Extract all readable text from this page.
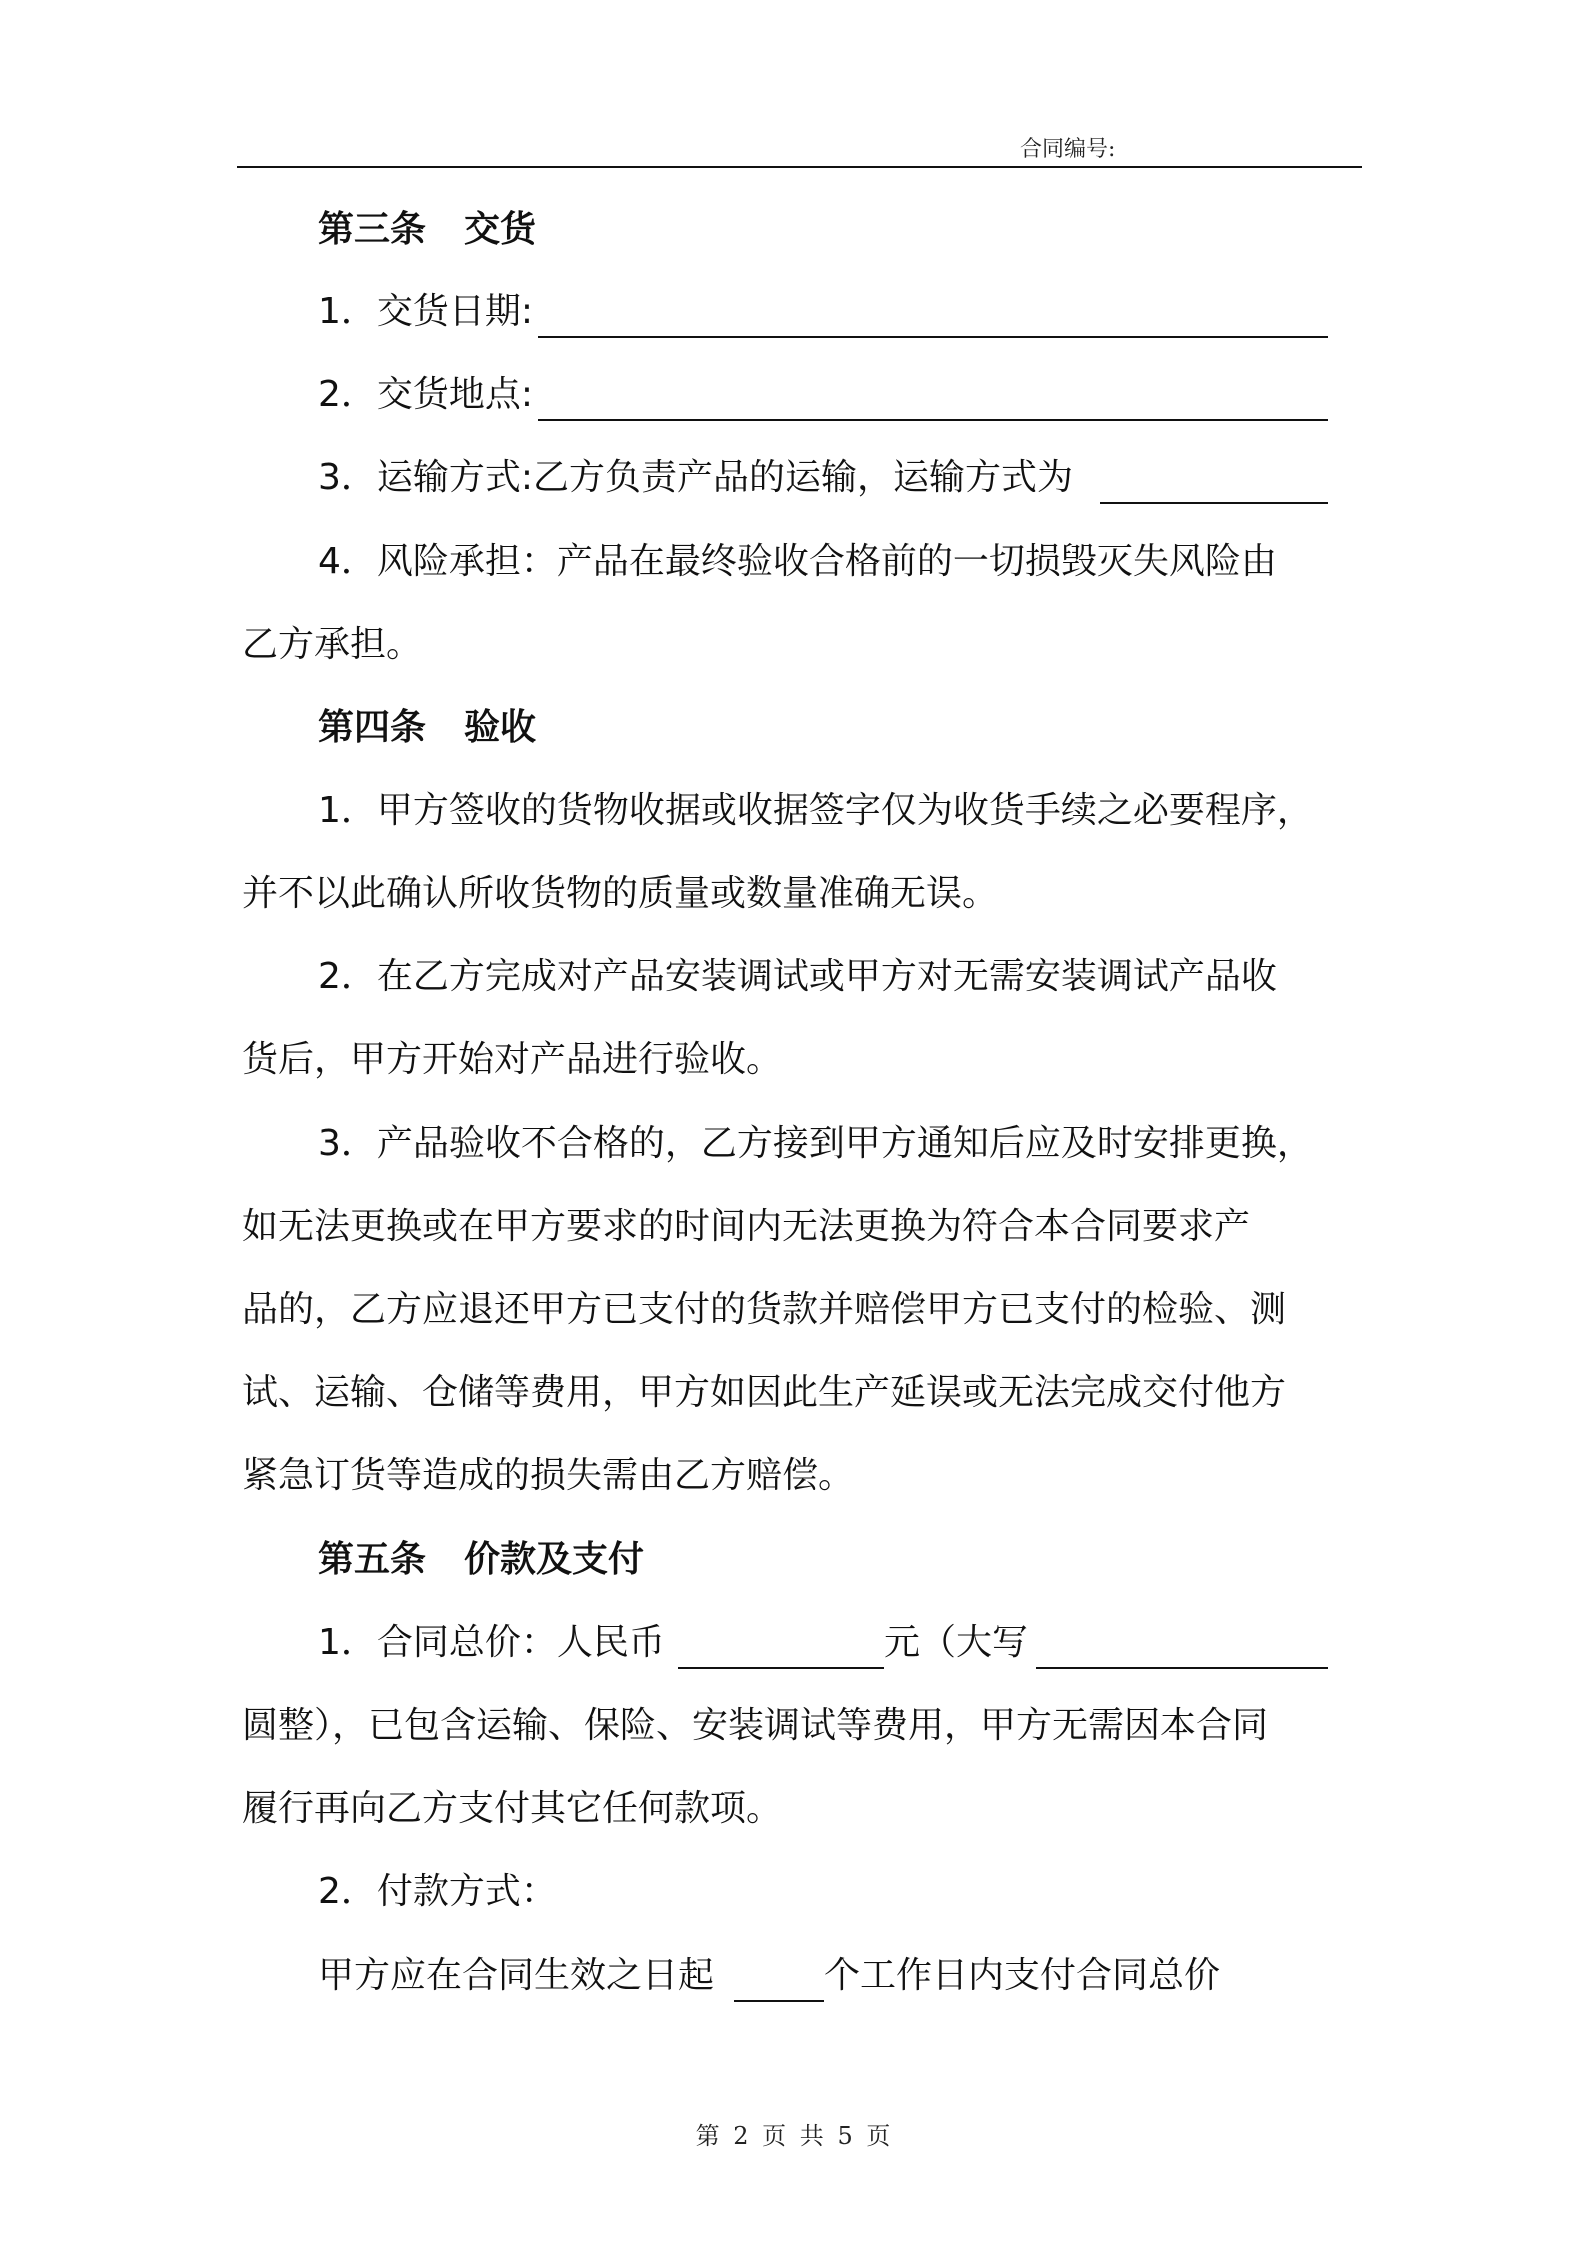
合同编号:
第三条 交货
1．交货日期:
2．交货地点:
3．运输方式:乙方负责产品的运输，运输方式为
4．风险承担：产品在最终验收合格前的一切损毁灭失风险由
乙方承担。
第四条 验收
1．甲方签收的货物收据或收据签字仅为收货手续之必要程序，
并不以此确认所收货物的质量或数量准确无误。
2．在乙方完成对产品安装调试或甲方对无需安装调试产品收
货后，甲方开始对产品进行验收。
3．产品验收不合格的，乙方接到甲方通知后应及时安排更换，
如无法更换或在甲方要求的时间内无法更换为符合本合同要求产
品的，乙方应退还甲方已支付的货款并赔偿甲方已支付的检验、测
试、运输、仓储等费用，甲方如因此生产延误或无法完成交付他方
紧急订货等造成的损失需由乙方赔偿。
第五条 价款及支付
1．合同总价：人民币	元（大写
圆整），已包含运输、保险、安装调试等费用，甲方无需因本合同
履行再向乙方支付其它任何款项。
2．付款方式：
甲方应在合同生效之日起	个工作日内支付合同总价
第 2 页 共 5 页
